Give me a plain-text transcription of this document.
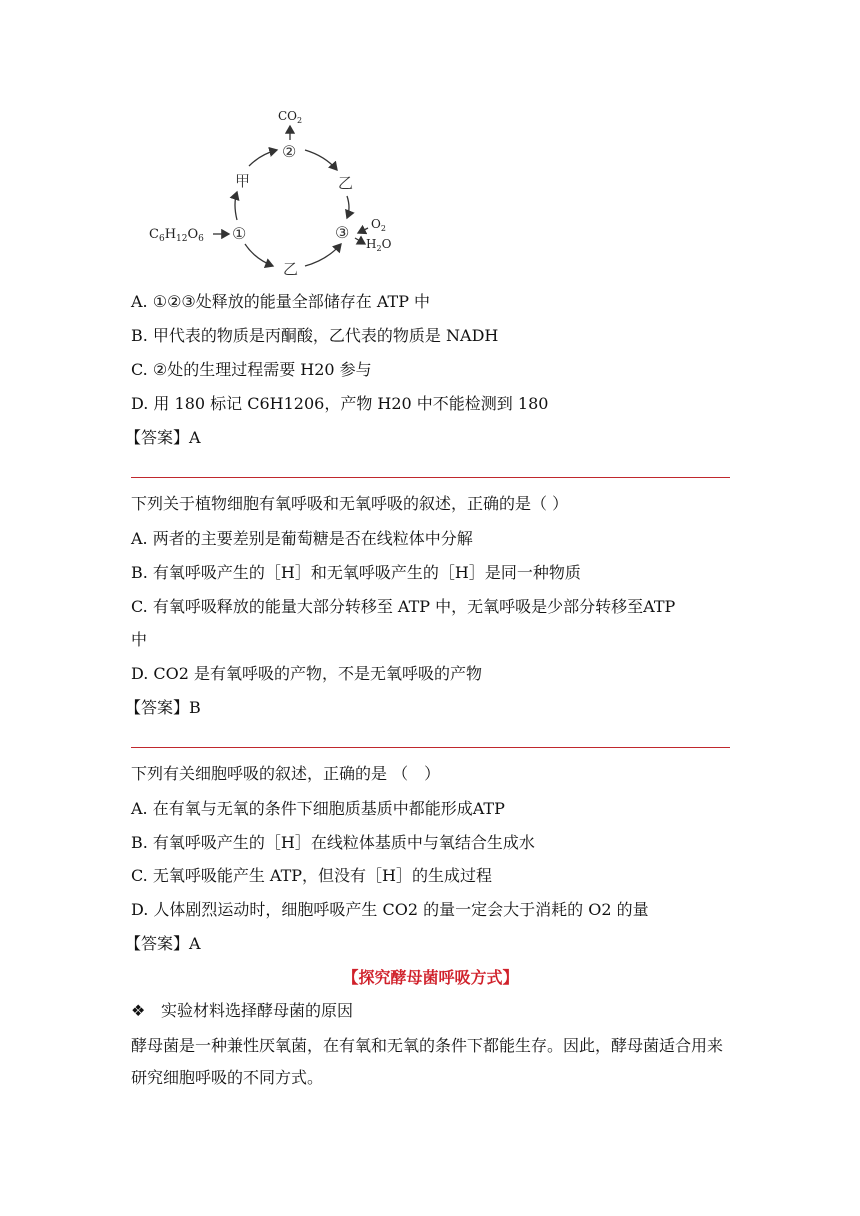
$C_6H_{12}O_6$ ①
②
③
$CO_2$
甲	乙
乙
$O_2$
$H_2O$
A. ①②③处释放的能量全部储存在 ATP 中
B. 甲代表的物质是丙酮酸，乙代表的物质是 NADH
C. ②处的生理过程需要 H20 参与
D. 用 180 标记 C6H1206，产物 H20 中不能检测到 180
【答案】A
下列关于植物细胞有氧呼吸和无氧呼吸的叙述，正确的是（ ）
A. 两者的主要差别是葡萄糖是否在线粒体中分解
B. 有氧呼吸产生的［H］和无氧呼吸产生的［H］是同一种物质
C. 有氧呼吸释放的能量大部分转移至 ATP 中，无氧呼吸是少部分转移至ATP
中
D. CO2 是有氧呼吸的产物，不是无氧呼吸的产物
【答案】B
下列有关细胞呼吸的叙述，正确的是 （　）
A. 在有氧与无氧的条件下细胞质基质中都能形成ATP
B. 有氧呼吸产生的［H］在线粒体基质中与氧结合生成水
C. 无氧呼吸能产生 ATP，但没有［H］的生成过程
D. 人体剧烈运动时，细胞呼吸产生 CO2 的量一定会大于消耗的 O2 的量
【答案】A
【探究酵母菌呼吸方式】
❖ 实验材料选择酵母菌的原因
酵母菌是一种兼性厌氧菌，在有氧和无氧的条件下都能生存。因此，酵母菌适合用来研究细胞呼吸的不同方式。
